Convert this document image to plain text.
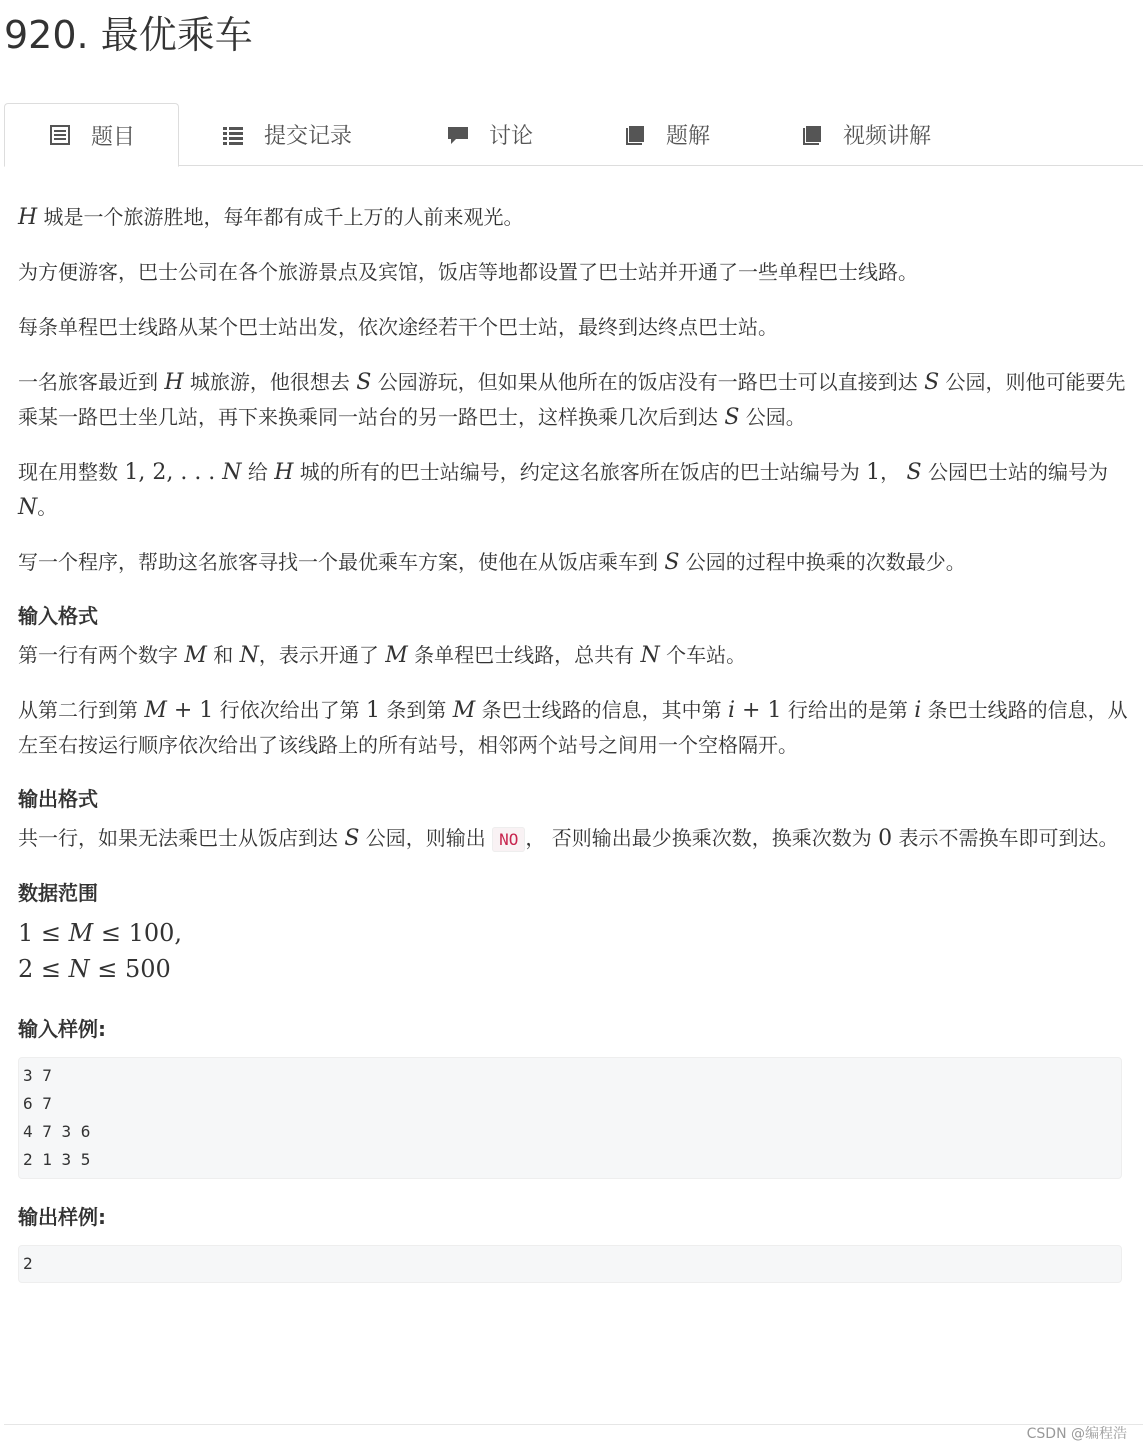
920. 最优乘车
题目	提交记录	讨论	题解	视频讲解

H 城是一个旅游胜地，每年都有成千上万的人前来观光。

为方便游客，巴士公司在各个旅游景点及宾馆，饭店等地都设置了巴士站并开通了一些单程巴士线路。

每条单程巴士线路从某个巴士站出发，依次途经若干个巴士站，最终到达终点巴士站。

一名旅客最近到 H 城旅游，他很想去 S 公园游玩，但如果从他所在的饭店没有一路巴士可以直接到达 S 公园，则他可能要先乘某一路巴士坐几站，再下来换乘同一站台的另一路巴士，这样换乘几次后到达 S 公园。

现在用整数 1, 2, . . . N 给 H 城的所有的巴士站编号，约定这名旅客所在饭店的巴士站编号为 1， S 公园巴士站的编号为 N。

写一个程序，帮助这名旅客寻找一个最优乘车方案，使他在从饭店乘车到 S 公园的过程中换乘的次数最少。

输入格式

第一行有两个数字 M 和 N，表示开通了 M 条单程巴士线路，总共有 N 个车站。

从第二行到第 M + 1 行依次给出了第 1 条到第 M 条巴士线路的信息，其中第 i + 1 行给出的是第 i 条巴士线路的信息，从左至右按运行顺序依次给出了该线路上的所有站号，相邻两个站号之间用一个空格隔开。

输出格式

共一行，如果无法乘巴士从饭店到达 S 公园，则输出 NO ， 否则输出最少换乘次数，换乘次数为 0 表示不需换车即可到达。

数据范围
1 ≤ M ≤ 100,
2 ≤ N ≤ 500
输入样例:
3 7
6 7
4 7 3 6
2 1 3 5
输出样例:
2
CSDN @编程浩
